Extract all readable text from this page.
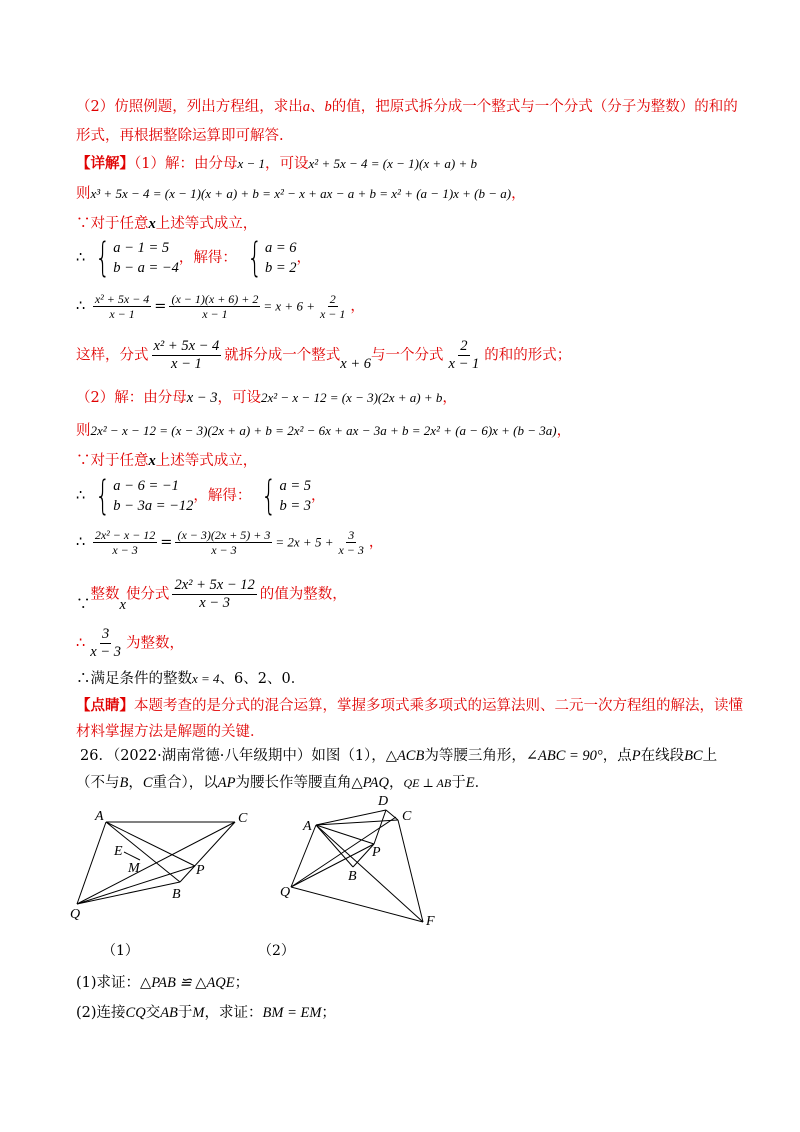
（2）仿照例题，列出方程组，求出a、b的值，把原式拆分成一个整式与一个分式（分子为整数）的和的
形式，再根据整除运算即可解答.
【详解】（1）解：由分母x − 1，可设x² + 5x − 4 = (x − 1)(x + a) + b
则x³ + 5x − 4 = (x − 1)(x + a) + b = x² − x + ax − a + b = x² + (a − 1)x + (b − a)，
∵对于任意x上述等式成立，
∴ { a − 1 = 5
b − a = −4
，解得： { a = 6
b = 2
，
∴ $\frac{\text{x² + 5x − 4}}{x - 1} = \frac{(x - 1)(x + 6) + 2}{x - 1} = x + 6 + \frac{2}{x - 1}$ ，
这样，分式 $\frac{\text{x² + 5x − 4}}{x - 1}$ 就拆分成一个整式x + 6与一个分式 $\frac{2}{x - 1}$ 的和的形式；
（2）解：由分母x − 3，可设2x² − x − 12 = (x − 3)(2x + a) + b，
则2x² − x − 12 = (x − 3)(2x + a) + b = 2x² − 6x + ax − 3a + b = 2x² + (a − 6)x + (b − 3a)，
∵对于任意x上述等式成立，
∴ { a − 6 = −1
b − 3a = −12
，解得： { a = 5
b = 3
，
∴ $\frac{\text{2x² − x − 12}}{x - 3} = \frac{(x - 3)(2x + 5) + 3}{x - 3} = 2x + 5 + \frac{3}{x - 3}$ ，
∵整数x使分式 $\frac{\text{2x² + 5x − 12}}{x - 3}$ 的值为整数，
∴ $\frac{3}{x - 3}$ 为整数，
∴满足条件的整数x = 4、6、2、0．
【点睛】本题考查的是分式的混合运算，掌握多项式乘多项式的运算法则、二元一次方程组的解法，读懂
材料掌握方法是解题的关键．
26．（2022·湖南常德·八年级期中）如图（1），△ACB为等腰三角形，∠ABC = 90°，点P在线段BC上
（不与B，C重合），以AP为腰长作等腰直角△PAQ，QE ⊥ AB于E．
A	C
E
M	P
Q
B
（1）
D
C
A
P
B
Q
F
（2）
(1)求证：△PAB ≌ △AQE；
(2)连接CQ交AB于M，求证：BM = EM；
